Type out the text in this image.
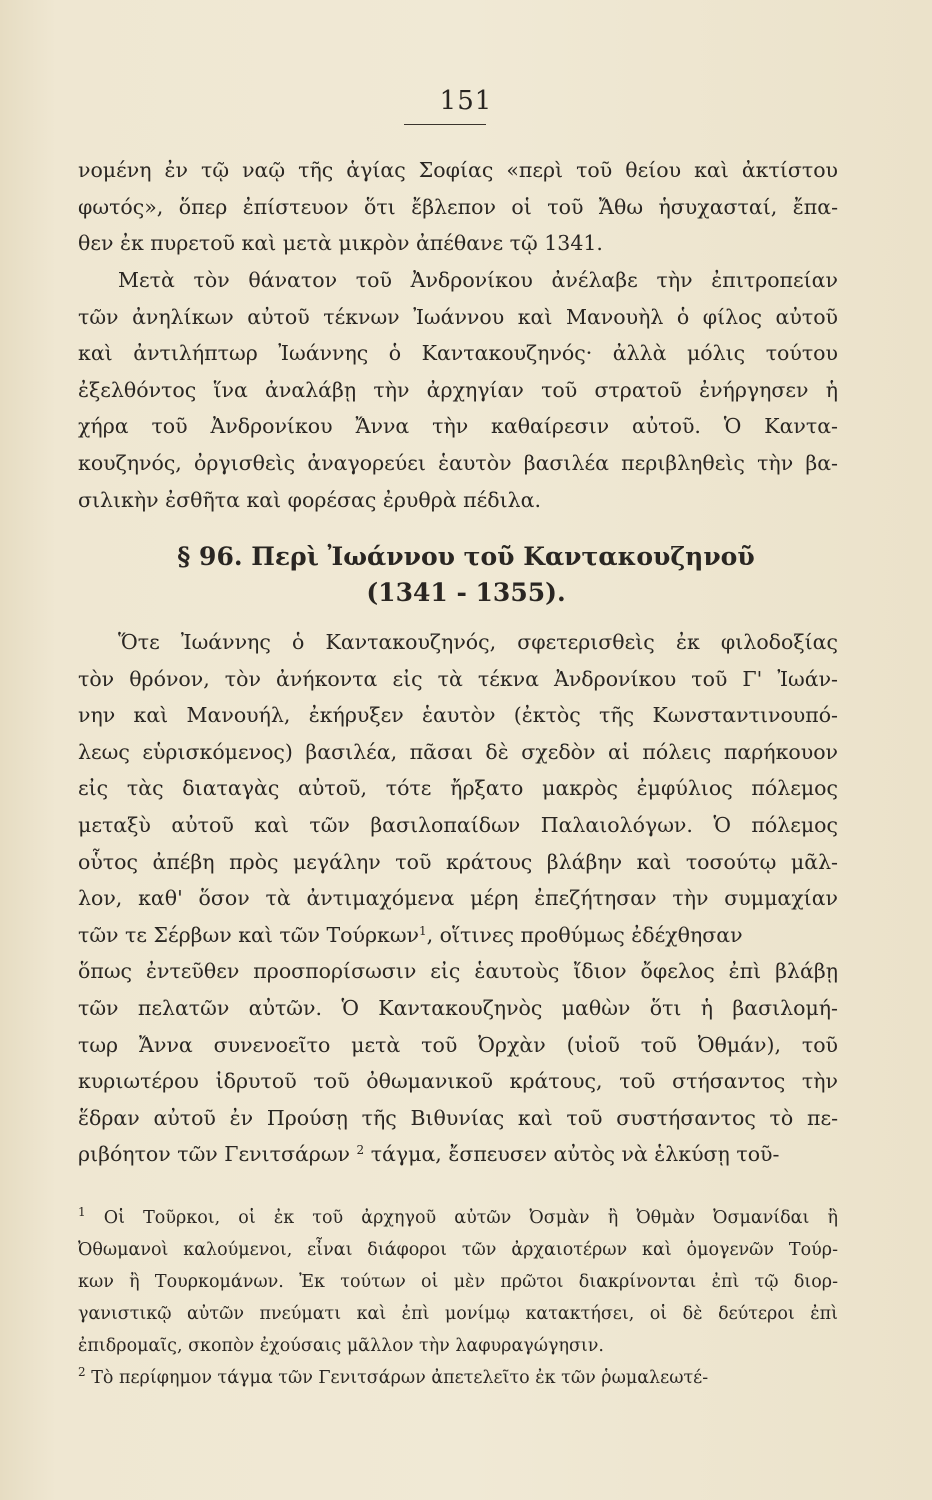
151
νομένη ἐν τῷ ναῷ τῆς ἁγίας Σοφίας «περὶ τοῦ θείου καὶ ἀκτίστου
φωτός», ὅπερ ἐπίστευον ὅτι ἔβλεπον οἱ τοῦ Ἄθω ἡσυχασταί, ἔπα-
θεν ἐκ πυρετοῦ καὶ μετὰ μικρὸν ἀπέθανε τῷ 1341.
Μετὰ τὸν θάνατον τοῦ Ἀνδρονίκου ἀνέλαβε τὴν ἐπιτροπείαν
τῶν ἀνηλίκων αὐτοῦ τέκνων Ἰωάννου καὶ Μανουὴλ ὁ φίλος αὐτοῦ
καὶ ἀντιλήπτωρ Ἰωάννης ὁ Καντακουζηνός· ἀλλὰ μόλις τούτου
ἐξελθόντος ἵνα ἀναλάβῃ τὴν ἀρχηγίαν τοῦ στρατοῦ ἐνήργησεν ἡ
χήρα τοῦ Ἀνδρονίκου Ἄννα τὴν καθαίρεσιν αὐτοῦ. Ὁ Καντα-
κουζηνός, ὀργισθεὶς ἀναγορεύει ἑαυτὸν βασιλέα περιβληθεὶς τὴν βα-
σιλικὴν ἐσθῆτα καὶ φορέσας ἐρυθρὰ πέδιλα.
§ 96. Περὶ Ἰωάννου τοῦ Καντακουζηνοῦ
(1341 - 1355).
Ὅτε Ἰωάννης ὁ Καντακουζηνός, σφετερισθεὶς ἐκ φιλοδοξίας
τὸν θρόνον, τὸν ἀνήκοντα εἰς τὰ τέκνα Ἀνδρονίκου τοῦ Γ' Ἰωάν-
νην καὶ Μανουήλ, ἐκήρυξεν ἑαυτὸν (ἐκτὸς τῆς Κωνσταντινουπό-
λεως εὑρισκόμενος) βασιλέα, πᾶσαι δὲ σχεδὸν αἱ πόλεις παρήκουον
εἰς τὰς διαταγὰς αὐτοῦ, τότε ἤρξατο μακρὸς ἐμφύλιος πόλεμος
μεταξὺ αὐτοῦ καὶ τῶν βασιλοπαίδων Παλαιολόγων. Ὁ πόλεμος
οὗτος ἀπέβη πρὸς μεγάλην τοῦ κράτους βλάβην καὶ τοσούτῳ μᾶλ-
λον, καθ' ὅσον τὰ ἀντιμαχόμενα μέρη ἐπεζήτησαν τὴν συμμαχίαν
τῶν τε Σέρβων καὶ τῶν Τούρκων$^1$, οἵτινες προθύμως ἐδέχθησαν
ὅπως ἐντεῦθεν προσπορίσωσιν εἰς ἑαυτοὺς ἴδιον ὄφελος ἐπὶ βλάβῃ
τῶν πελατῶν αὐτῶν. Ὁ Καντακουζηνὸς μαθὼν ὅτι ἡ βασιλομή-
τωρ Ἄννα συνενοεῖτο μετὰ τοῦ Ὀρχὰν (υἱοῦ τοῦ Ὀθμάν), τοῦ
κυριωτέρου ἱδρυτοῦ τοῦ ὀθωμανικοῦ κράτους, τοῦ στήσαντος τὴν
ἕδραν αὐτοῦ ἐν Προύσῃ τῆς Βιθυνίας καὶ τοῦ συστήσαντος τὸ πε-
ριβόητον τῶν Γενιτσάρων $^2$ τάγμα, ἔσπευσεν αὐτὸς νὰ ἑλκύσῃ τοῦ-
$^1$ Οἱ Τοῦρκοι, οἱ ἐκ τοῦ ἀρχηγοῦ αὐτῶν Ὀσμὰν ἢ Ὀθμὰν Ὀσμανίδαι ἢ
Ὀθωμανοὶ καλούμενοι, εἶναι διάφοροι τῶν ἀρχαιοτέρων καὶ ὁμογενῶν Τούρ-
κων ἢ Τουρκομάνων. Ἐκ τούτων οἱ μὲν πρῶτοι διακρίνονται ἐπὶ τῷ διορ-
γανιστικῷ αὐτῶν πνεύματι καὶ ἐπὶ μονίμῳ κατακτήσει, οἱ δὲ δεύτεροι ἐπὶ
ἐπιδρομαῖς, σκοπὸν ἐχούσαις μᾶλλον τὴν λαφυραγώγησιν.
$^2$ Τὸ περίφημον τάγμα τῶν Γενιτσάρων ἀπετελεῖτο ἐκ τῶν ῥωμαλεωτέ-
